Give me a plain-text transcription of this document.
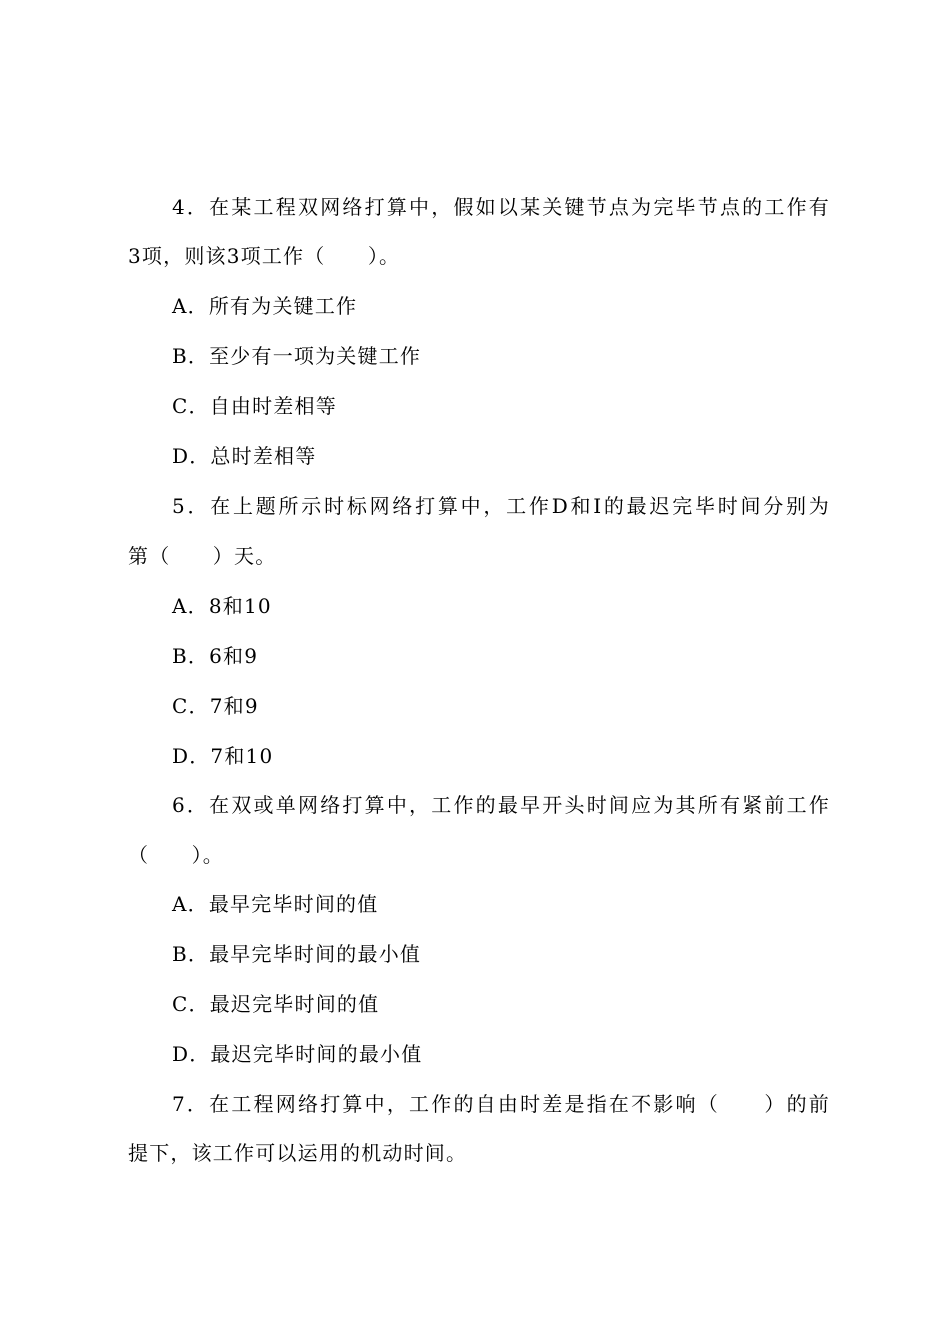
4．在某工程双网络打算中，假如以某关键节点为完毕节点的工作有
3项，则该3项工作（　　）。
A．所有为关键工作
B．至少有一项为关键工作
C．自由时差相等
D．总时差相等
5．在上题所示时标网络打算中，工作D和I的最迟完毕时间分别为
第（　　）天。
A．8和10
B．6和9
C．7和9
D．7和10
6．在双或单网络打算中，工作的最早开头时间应为其所有紧前工作
（　　）。
A．最早完毕时间的值
B．最早完毕时间的最小值
C．最迟完毕时间的值
D．最迟完毕时间的最小值
7．在工程网络打算中，工作的自由时差是指在不影响（　　）的前
提下，该工作可以运用的机动时间。
